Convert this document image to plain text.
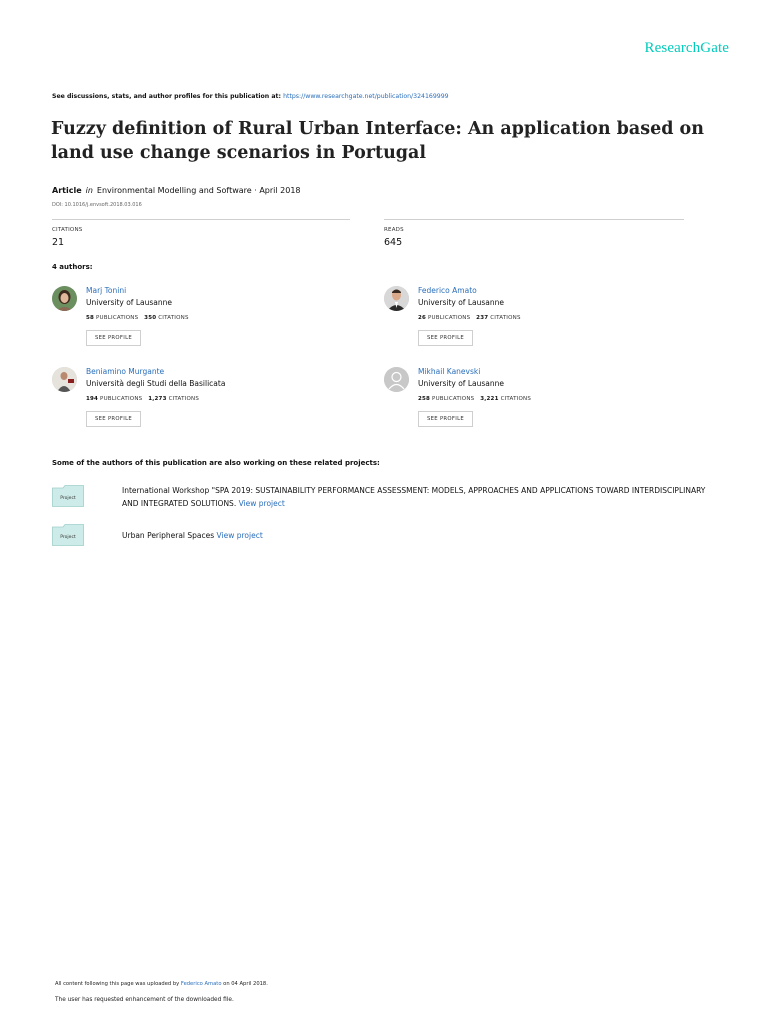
ResearchGate
See discussions, stats, and author profiles for this publication at: https://www.researchgate.net/publication/324169999
Fuzzy definition of Rural Urban Interface: An application based on land use change scenarios in Portugal
Article in Environmental Modelling and Software · April 2018
DOI: 10.1016/j.envsoft.2018.03.016
CITATIONS
21
READS
645
4 authors:
Marj Tonini
University of Lausanne
58 PUBLICATIONS 350 CITATIONS
SEE PROFILE
Federico Amato
University of Lausanne
26 PUBLICATIONS 237 CITATIONS
SEE PROFILE
Beniamino Murgante
Università degli Studi della Basilicata
194 PUBLICATIONS 1,273 CITATIONS
SEE PROFILE
Mikhail Kanevski
University of Lausanne
258 PUBLICATIONS 3,221 CITATIONS
SEE PROFILE
Some of the authors of this publication are also working on these related projects:
Project
International Workshop "SPA 2019: SUSTAINABILITY PERFORMANCE ASSESSMENT: MODELS, APPROACHES AND APPLICATIONS TOWARD INTERDISCIPLINARY AND INTEGRATED SOLUTIONS. View project
Project	Urban Peripheral Spaces View project
All content following this page was uploaded by Federico Amato on 04 April 2018.
The user has requested enhancement of the downloaded file.
